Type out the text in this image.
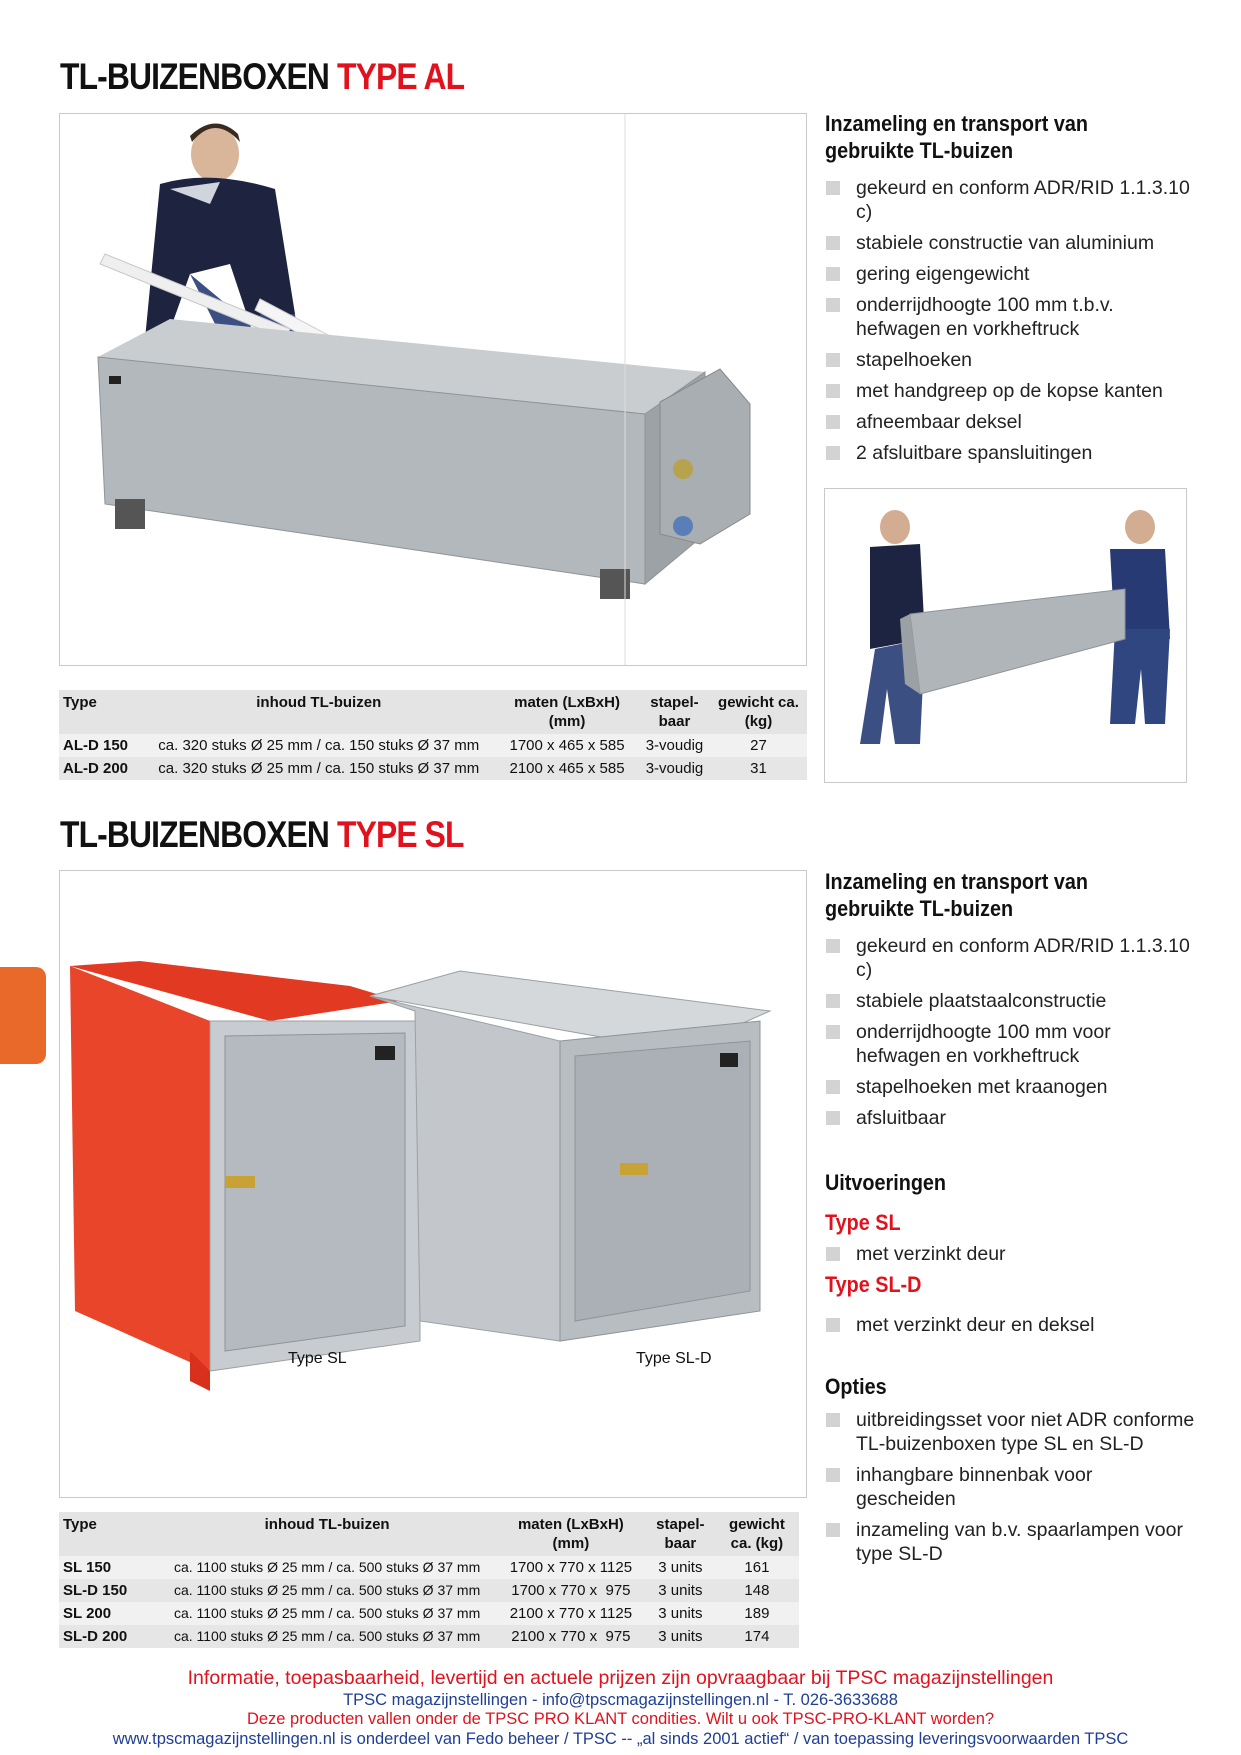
TL-BUIZENBOXEN TYPE AL
Inzameling en transport van gebruikte TL-buizen
gekeurd en conform ADR/RID 1.1.3.10 c)
stabiele constructie van aluminium
gering eigengewicht
onderrijdhoogte 100 mm t.b.v. hefwagen en vorkheftruck
stapelhoeken
met handgreep op de kopse kanten
afneembaar deksel
2 afsluitbare spansluitingen
Type	inhoud TL-buizen	maten (LxBxH) (mm)	stapel- baar	gewicht ca. (kg)
AL-D 150	ca. 320 stuks Ø 25 mm / ca. 150 stuks Ø 37 mm	1700 x 465 x 585	3-voudig	27
AL-D 200	ca. 320 stuks Ø 25 mm / ca. 150 stuks Ø 37 mm	2100 x 465 x 585	3-voudig	31
TL-BUIZENBOXEN TYPE SL
Type SL	Type SL-D
Inzameling en transport van gebruikte TL-buizen
gekeurd en conform ADR/RID 1.1.3.10 c)
stabiele plaatstaalconstructie
onderrijdhoogte 100 mm voor hefwagen en vorkheftruck
stapelhoeken met kraanogen
afsluitbaar
Uitvoeringen
Type SL
met verzinkt deur
Type SL-D
met verzinkt deur en deksel
Opties
uitbreidingsset voor niet ADR conforme TL-buizenboxen type SL en SL-D
inhangbare binnenbak voor gescheiden
inzameling van b.v. spaarlampen voor type SL-D
Type	inhoud TL-buizen	maten (LxBxH) (mm)	stapel- baar	gewicht ca. (kg)
SL 150	ca. 1100 stuks Ø 25 mm / ca. 500 stuks Ø 37 mm	1700 x 770 x 1125	3 units	161
SL-D 150	ca. 1100 stuks Ø 25 mm / ca. 500 stuks Ø 37 mm	1700 x 770 x  975	3 units	148
SL 200	ca. 1100 stuks Ø 25 mm / ca. 500 stuks Ø 37 mm	2100 x 770 x 1125	3 units	189
SL-D 200	ca. 1100 stuks Ø 25 mm / ca. 500 stuks Ø 37 mm	2100 x 770 x  975	3 units	174
Informatie, toepasbaarheid, levertijd en actuele prijzen zijn opvraagbaar bij TPSC magazijnstellingen
TPSC magazijnstellingen - info@tpscmagazijnstellingen.nl - T. 026-3633688
Deze producten vallen onder de TPSC PRO KLANT condities. Wilt u ook TPSC-PRO-KLANT worden?
www.tpscmagazijnstellingen.nl is onderdeel van Fedo beheer / TPSC -- „al sinds 2001 actief“ / van toepassing leveringsvoorwaarden TPSC
